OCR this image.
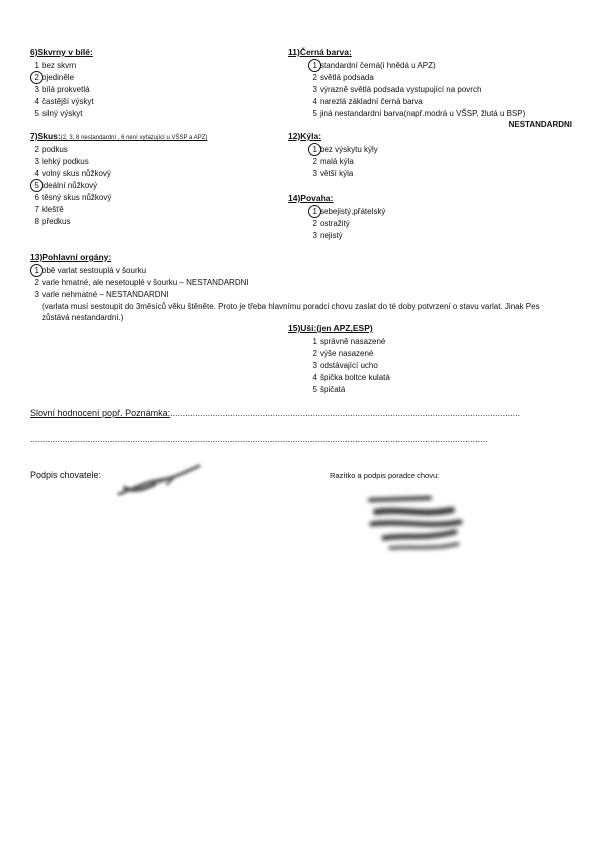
6)Skvrny v bílé:
1 bez skvrn
2 ojediněle
3 bílá prokvetlá
4 častější výskyt
5 silný výskyt
7)Skus:(2, 3, 8 nestandardní , 6 není vyřazující u VŠSP a APZ)
2 podkus
3 lehký podkus
4 volný skus nůžkový
5 ideální nůžkový
6 těsný skus nůžkový
7 klešťě
8 předkus
11)Černá barva:
1 standardní černá(i hnědá u APZ)
2 světlá podsada
3 výrazně světlá podsada vystupující na povrch
4 narezlá základní černá barva
5 jiná nestandardní barva(např.modrá u VŠSP, žlutá u BSP)
NESTANDARDNI
12)Kýla:
1 bez výskytu kýly
2 malá kýla
3 větší kýla
14)Povaha:
1 sebejistý,přátelský
2 ostražitý
3 nejistý
13)Pohlavní orgány:
1 obě varlat sestouplá v šourku
2 varle hmatné, ale nesetouplé v šourku – NESTANDARDNI
3 varle nehmatné – NESTANDARDNI
(varlata musí sestoupit do 3měsíců věku štěněte. Proto je třeba hlavnímu poradci chovu zaslat do té doby potvrzení o stavu varlat. Jinak Pes zůstává nestandardní.)
15)Uši:(jen APZ,ESP)
1 správně nasazené
2 výše nasazené
3 odstávající ucho
4 špička boltce kulatá
5 špičatá
Slovní hodnocení popř. Poznámka:............................................................................................................................................
.......................................................................................................................................................................................
Podpis chovatele:	Razítko a podpis poradce chovu:
